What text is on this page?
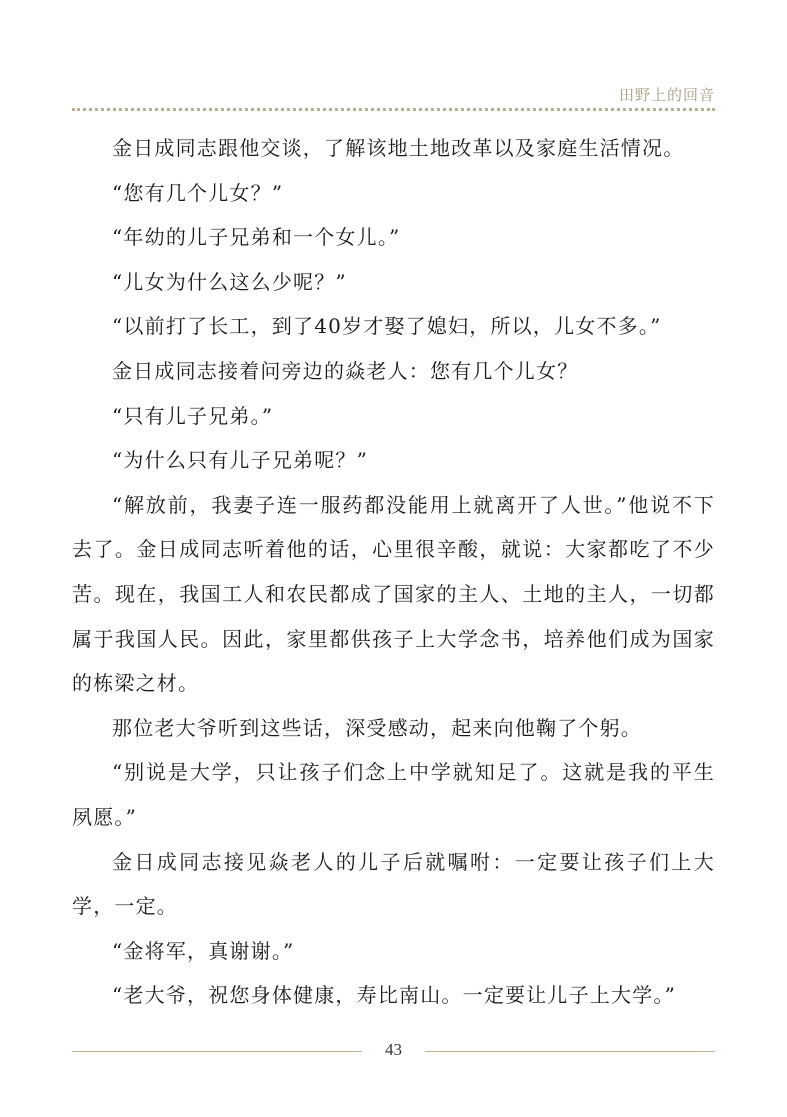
田野上的回音

金日成同志跟他交谈，了解该地土地改革以及家庭生活情况。

“您有几个儿女？”

“年幼的儿子兄弟和一个女儿。”

“儿女为什么这么少呢？”

“以前打了长工，到了40岁才娶了媳妇，所以，儿女不多。”

金日成同志接着问旁边的焱老人：您有几个儿女？

“只有儿子兄弟。”

“为什么只有儿子兄弟呢？”

“解放前，我妻子连一服药都没能用上就离开了人世。”他说不下去了。金日成同志听着他的话，心里很辛酸，就说：大家都吃了不少苦。现在，我国工人和农民都成了国家的主人、土地的主人，一切都属于我国人民。因此，家里都供孩子上大学念书，培养他们成为国家的栋梁之材。

那位老大爷听到这些话，深受感动，起来向他鞠了个躬。

“别说是大学，只让孩子们念上中学就知足了。这就是我的平生夙愿。”

金日成同志接见焱老人的儿子后就嘱咐：一定要让孩子们上大学，一定。

“金将军，真谢谢。”

“老大爷，祝您身体健康，寿比南山。一定要让儿子上大学。”

43
